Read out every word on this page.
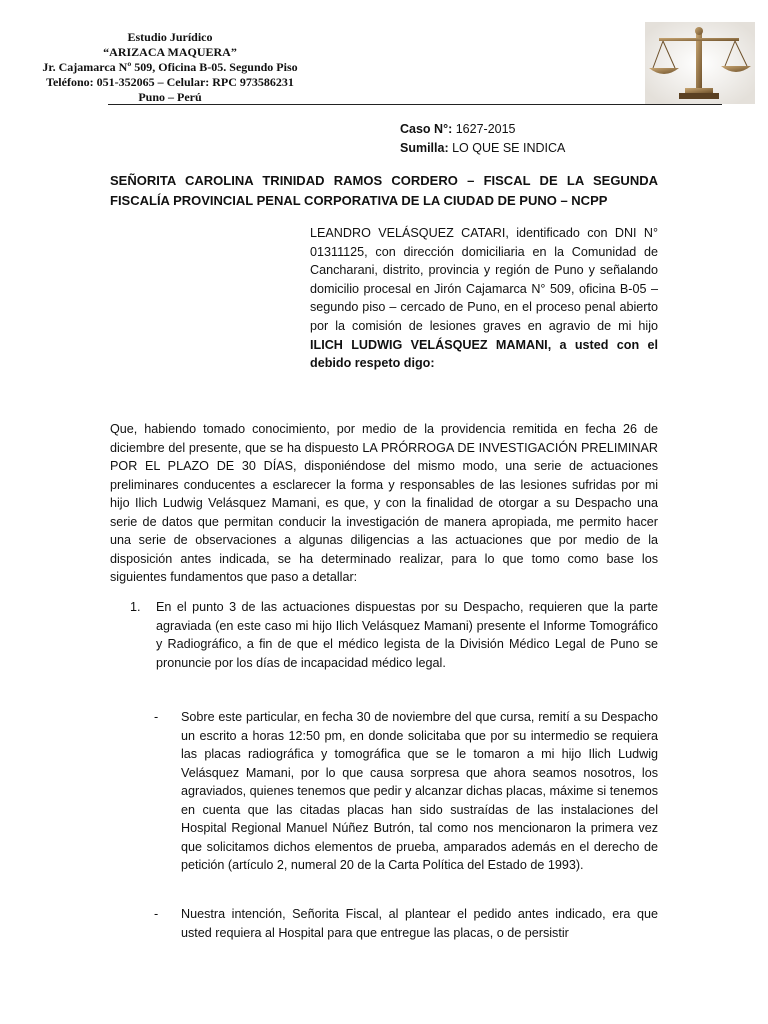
Estudio Jurídico
“ARIZACA MAQUERA”
Jr. Cajamarca Nº 509, Oficina B-05. Segundo Piso
Teléfono: 051-352065 – Celular: RPC 973586231
Puno – Perú
Caso N°: 1627-2015
Sumilla: LO QUE SE INDICA
SEÑORITA CAROLINA TRINIDAD RAMOS CORDERO – FISCAL DE LA SEGUNDA FISCALÍA PROVINCIAL PENAL CORPORATIVA DE LA CIUDAD DE PUNO – NCPP
LEANDRO VELÁSQUEZ CATARI, identificado con DNI N° 01311125, con dirección domiciliaria en la Comunidad de Cancharani, distrito, provincia y región de Puno y señalando domicilio procesal en Jirón Cajamarca N° 509, oficina B-05 – segundo piso – cercado de Puno, en el proceso penal abierto por la comisión de lesiones graves en agravio de mi hijo ILICH LUDWIG VELÁSQUEZ MAMANI, a usted con el debido respeto digo:
Que, habiendo tomado conocimiento, por medio de la providencia remitida en fecha 26 de diciembre del presente, que se ha dispuesto LA PRÓRROGA DE INVESTIGACIÓN PRELIMINAR POR EL PLAZO DE 30 DÍAS, disponiéndose del mismo modo, una serie de actuaciones preliminares conducentes a esclarecer la forma y responsables de las lesiones sufridas por mi hijo Ilich Ludwig Velásquez Mamani, es que, y con la finalidad de otorgar a su Despacho una serie de datos que permitan conducir la investigación de manera apropiada, me permito hacer una serie de observaciones a algunas diligencias a las actuaciones que por medio de la disposición antes indicada, se ha determinado realizar, para lo que tomo como base los siguientes fundamentos que paso a detallar:
1. En el punto 3 de las actuaciones dispuestas por su Despacho, requieren que la parte agraviada (en este caso mi hijo Ilich Velásquez Mamani) presente el Informe Tomográfico y Radiográfico, a fin de que el médico legista de la División Médico Legal de Puno se pronuncie por los días de incapacidad médico legal.
- Sobre este particular, en fecha 30 de noviembre del que cursa, remití a su Despacho un escrito a horas 12:50 pm, en donde solicitaba que por su intermedio se requiera las placas radiográfica y tomográfica que se le tomaron a mi hijo Ilich Ludwig Velásquez Mamani, por lo que causa sorpresa que ahora seamos nosotros, los agraviados, quienes tenemos que pedir y alcanzar dichas placas, máxime si tenemos en cuenta que las citadas placas han sido sustraídas de las instalaciones del Hospital Regional Manuel Núñez Butrón, tal como nos mencionaron la primera vez que solicitamos dichos elementos de prueba, amparados además en el derecho de petición (artículo 2, numeral 20 de la Carta Política del Estado de 1993).
- Nuestra intención, Señorita Fiscal, al plantear el pedido antes indicado, era que usted requiera al Hospital para que entregue las placas, o de persistir
